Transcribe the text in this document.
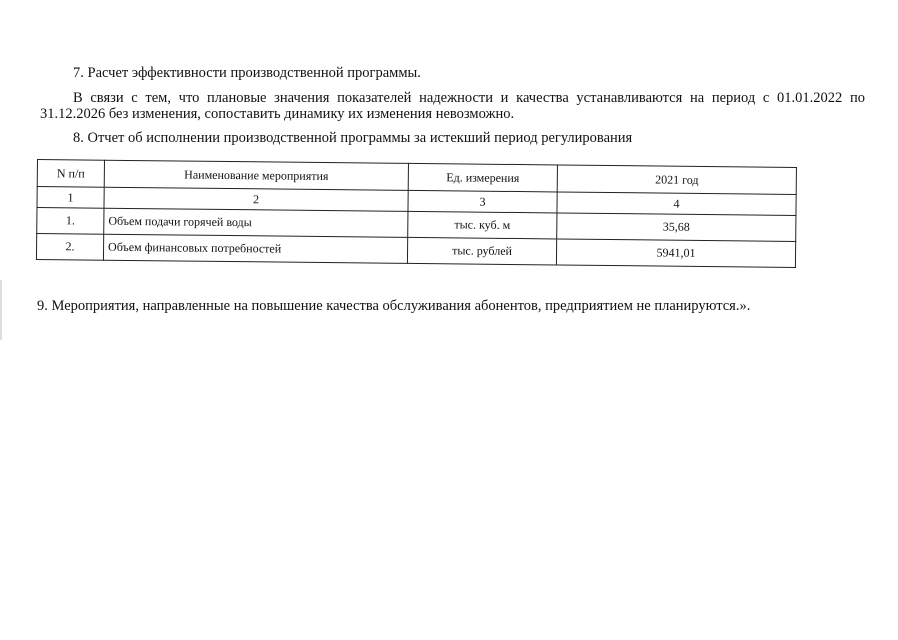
7. Расчет эффективности производственной программы.
В связи с тем, что плановые значения показателей надежности и качества устанавливаются на период с 01.01.2022 по
31.12.2026 без изменения, сопоставить динамику их изменения невозможно.
8. Отчет об исполнении производственной программы за истекший период регулирования
N п/п	Наименование мероприятия	Ед. измерения	2021 год
1	2	3	4
1.	Объем подачи горячей воды	тыс. куб. м	35,68
2.	Объем финансовых потребностей	тыс. рублей	5941,01
9. Мероприятия, направленные на повышение качества обслуживания абонентов, предприятием не планируются.».
